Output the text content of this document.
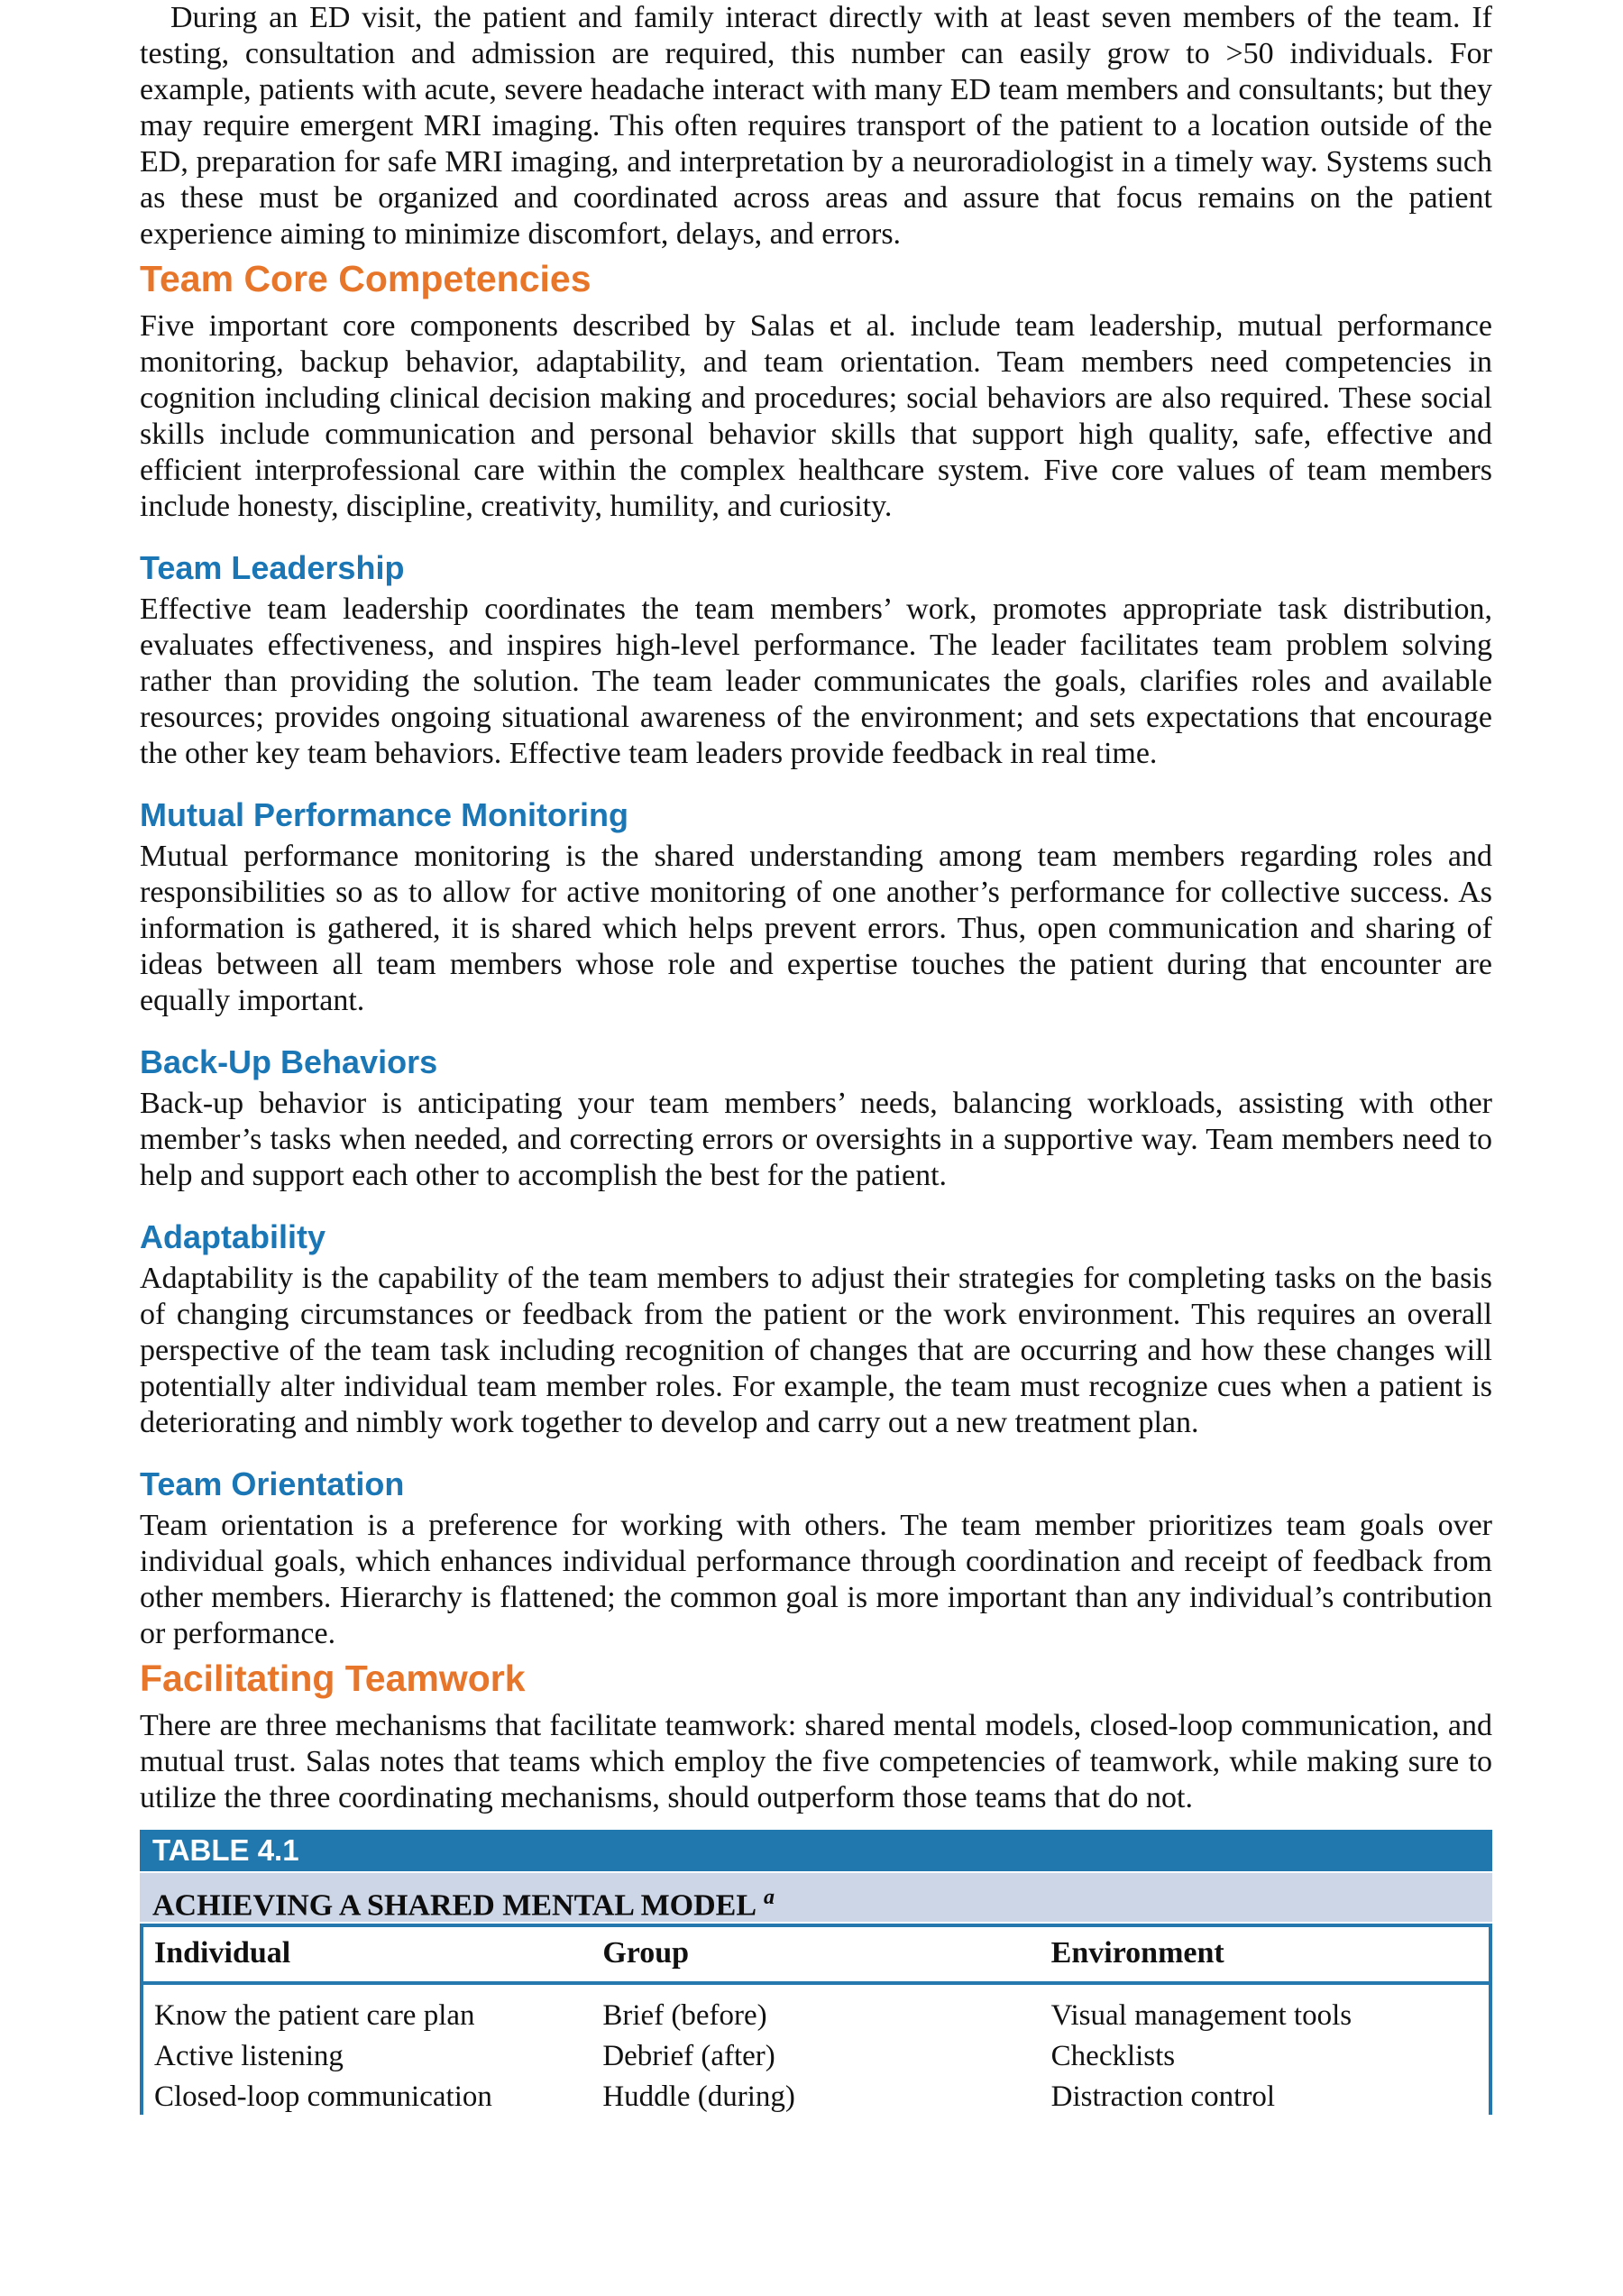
During an ED visit, the patient and family interact directly with at least seven members of the team. If testing, consultation and admission are required, this number can easily grow to >50 individuals. For example, patients with acute, severe headache interact with many ED team members and consultants; but they may require emergent MRI imaging. This often requires transport of the patient to a location outside of the ED, preparation for safe MRI imaging, and interpretation by a neuroradiologist in a timely way. Systems such as these must be organized and coordinated across areas and assure that focus remains on the patient experience aiming to minimize discomfort, delays, and errors.

Team Core Competencies

Five important core components described by Salas et al. include team leadership, mutual performance monitoring, backup behavior, adaptability, and team orientation. Team members need competencies in cognition including clinical decision making and procedures; social behaviors are also required. These social skills include communication and personal behavior skills that support high quality, safe, effective and efficient interprofessional care within the complex healthcare system. Five core values of team members include honesty, discipline, creativity, humility, and curiosity.

Team Leadership

Effective team leadership coordinates the team members’ work, promotes appropriate task distribution, evaluates effectiveness, and inspires high-level performance. The leader facilitates team problem solving rather than providing the solution. The team leader communicates the goals, clarifies roles and available resources; provides ongoing situational awareness of the environment; and sets expectations that encourage the other key team behaviors. Effective team leaders provide feedback in real time.

Mutual Performance Monitoring

Mutual performance monitoring is the shared understanding among team members regarding roles and responsibilities so as to allow for active monitoring of one another’s performance for collective success. As information is gathered, it is shared which helps prevent errors. Thus, open communication and sharing of ideas between all team members whose role and expertise touches the patient during that encounter are equally important.

Back-Up Behaviors

Back-up behavior is anticipating your team members’ needs, balancing workloads, assisting with other member’s tasks when needed, and correcting errors or oversights in a supportive way. Team members need to help and support each other to accomplish the best for the patient.

Adaptability

Adaptability is the capability of the team members to adjust their strategies for completing tasks on the basis of changing circumstances or feedback from the patient or the work environment. This requires an overall perspective of the team task including recognition of changes that are occurring and how these changes will potentially alter individual team member roles. For example, the team must recognize cues when a patient is deteriorating and nimbly work together to develop and carry out a new treatment plan.

Team Orientation

Team orientation is a preference for working with others. The team member prioritizes team goals over individual goals, which enhances individual performance through coordination and receipt of feedback from other members. Hierarchy is flattened; the common goal is more important than any individual’s contribution or performance.

Facilitating Teamwork

There are three mechanisms that facilitate teamwork: shared mental models, closed-loop communication, and mutual trust. Salas notes that teams which employ the five competencies of teamwork, while making sure to utilize the three coordinating mechanisms, should outperform those teams that do not.

TABLE 4.1
ACHIEVING A SHARED MENTAL MODEL $^a$
Individual	Group	Environment
Know the patient care plan	Brief (before)	Visual management tools
Active listening	Debrief (after)	Checklists
Closed-loop communication	Huddle (during)	Distraction control
